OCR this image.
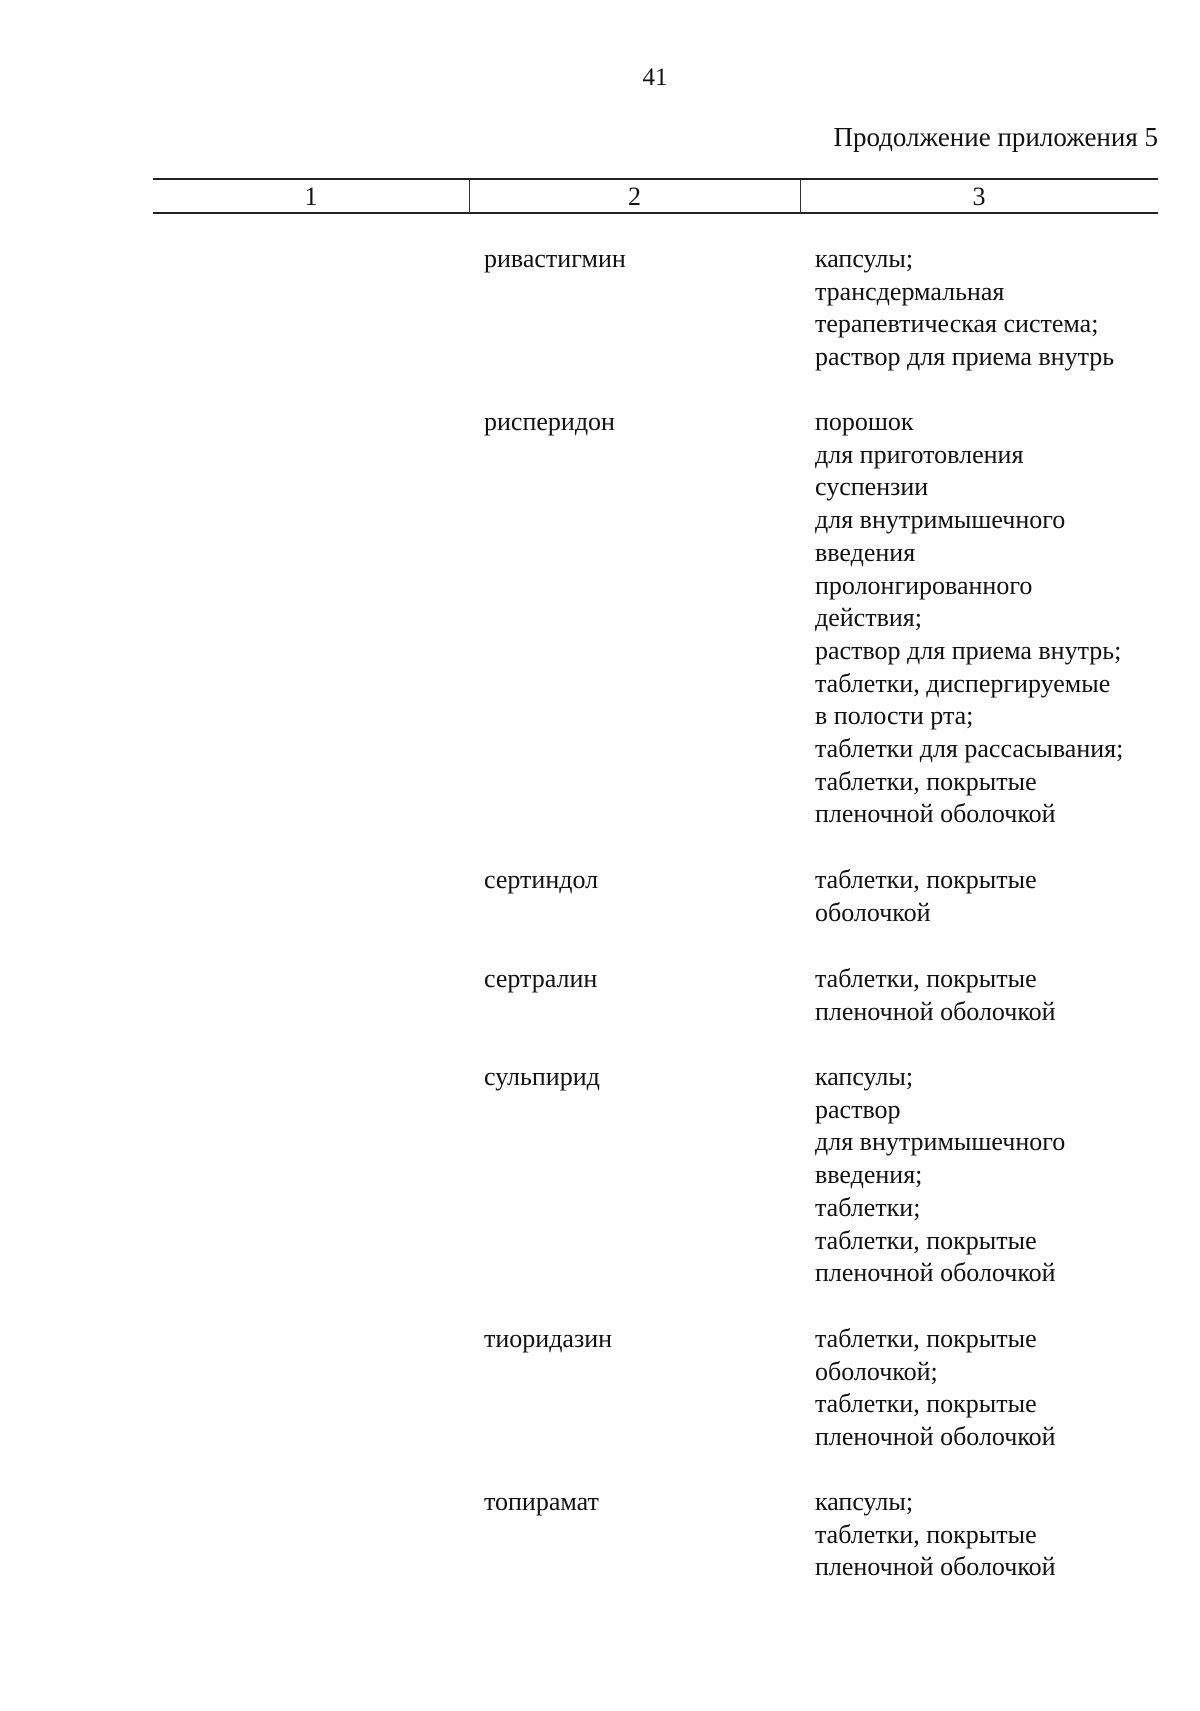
41
Продолжение приложения 5
1	2	3
ривастигмин	капсулы;
трансдермальная
терапевтическая система;
раствор для приема внутрь
рисперидон	порошок
для приготовления
суспензии
для внутримышечного
введения
пролонгированного
действия;
раствор для приема внутрь;
таблетки, диспергируемые
в полости рта;
таблетки для рассасывания;
таблетки, покрытые
пленочной оболочкой
сертиндол	таблетки, покрытые
оболочкой
сертралин	таблетки, покрытые
пленочной оболочкой
сульпирид	капсулы;
раствор
для внутримышечного
введения;
таблетки;
таблетки, покрытые
пленочной оболочкой
тиоридазин	таблетки, покрытые
оболочкой;
таблетки, покрытые
пленочной оболочкой
топирамат	капсулы;
таблетки, покрытые
пленочной оболочкой
